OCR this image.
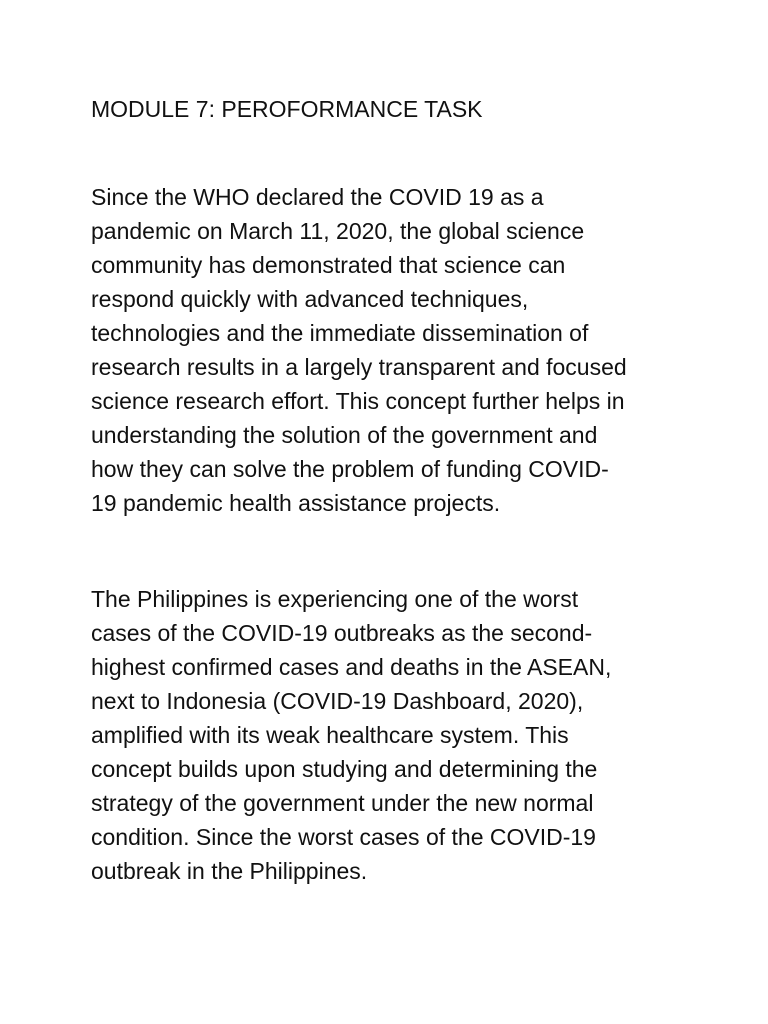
MODULE 7: PEROFORMANCE TASK

Since the WHO declared the COVID 19 as a
pandemic on March 11, 2020, the global science
community has demonstrated that science can
respond quickly with advanced techniques,
technologies and the immediate dissemination of
research results in a largely transparent and focused
science research effort. This concept further helps in
understanding the solution of the government and
how they can solve the problem of funding COVID-
19 pandemic health assistance projects.

The Philippines is experiencing one of the worst
cases of the COVID-19 outbreaks as the second-
highest confirmed cases and deaths in the ASEAN,
next to Indonesia (COVID-19 Dashboard, 2020),
amplified with its weak healthcare system. This
concept builds upon studying and determining the
strategy of the government under the new normal
condition. Since the worst cases of the COVID-19
outbreak in the Philippines.
